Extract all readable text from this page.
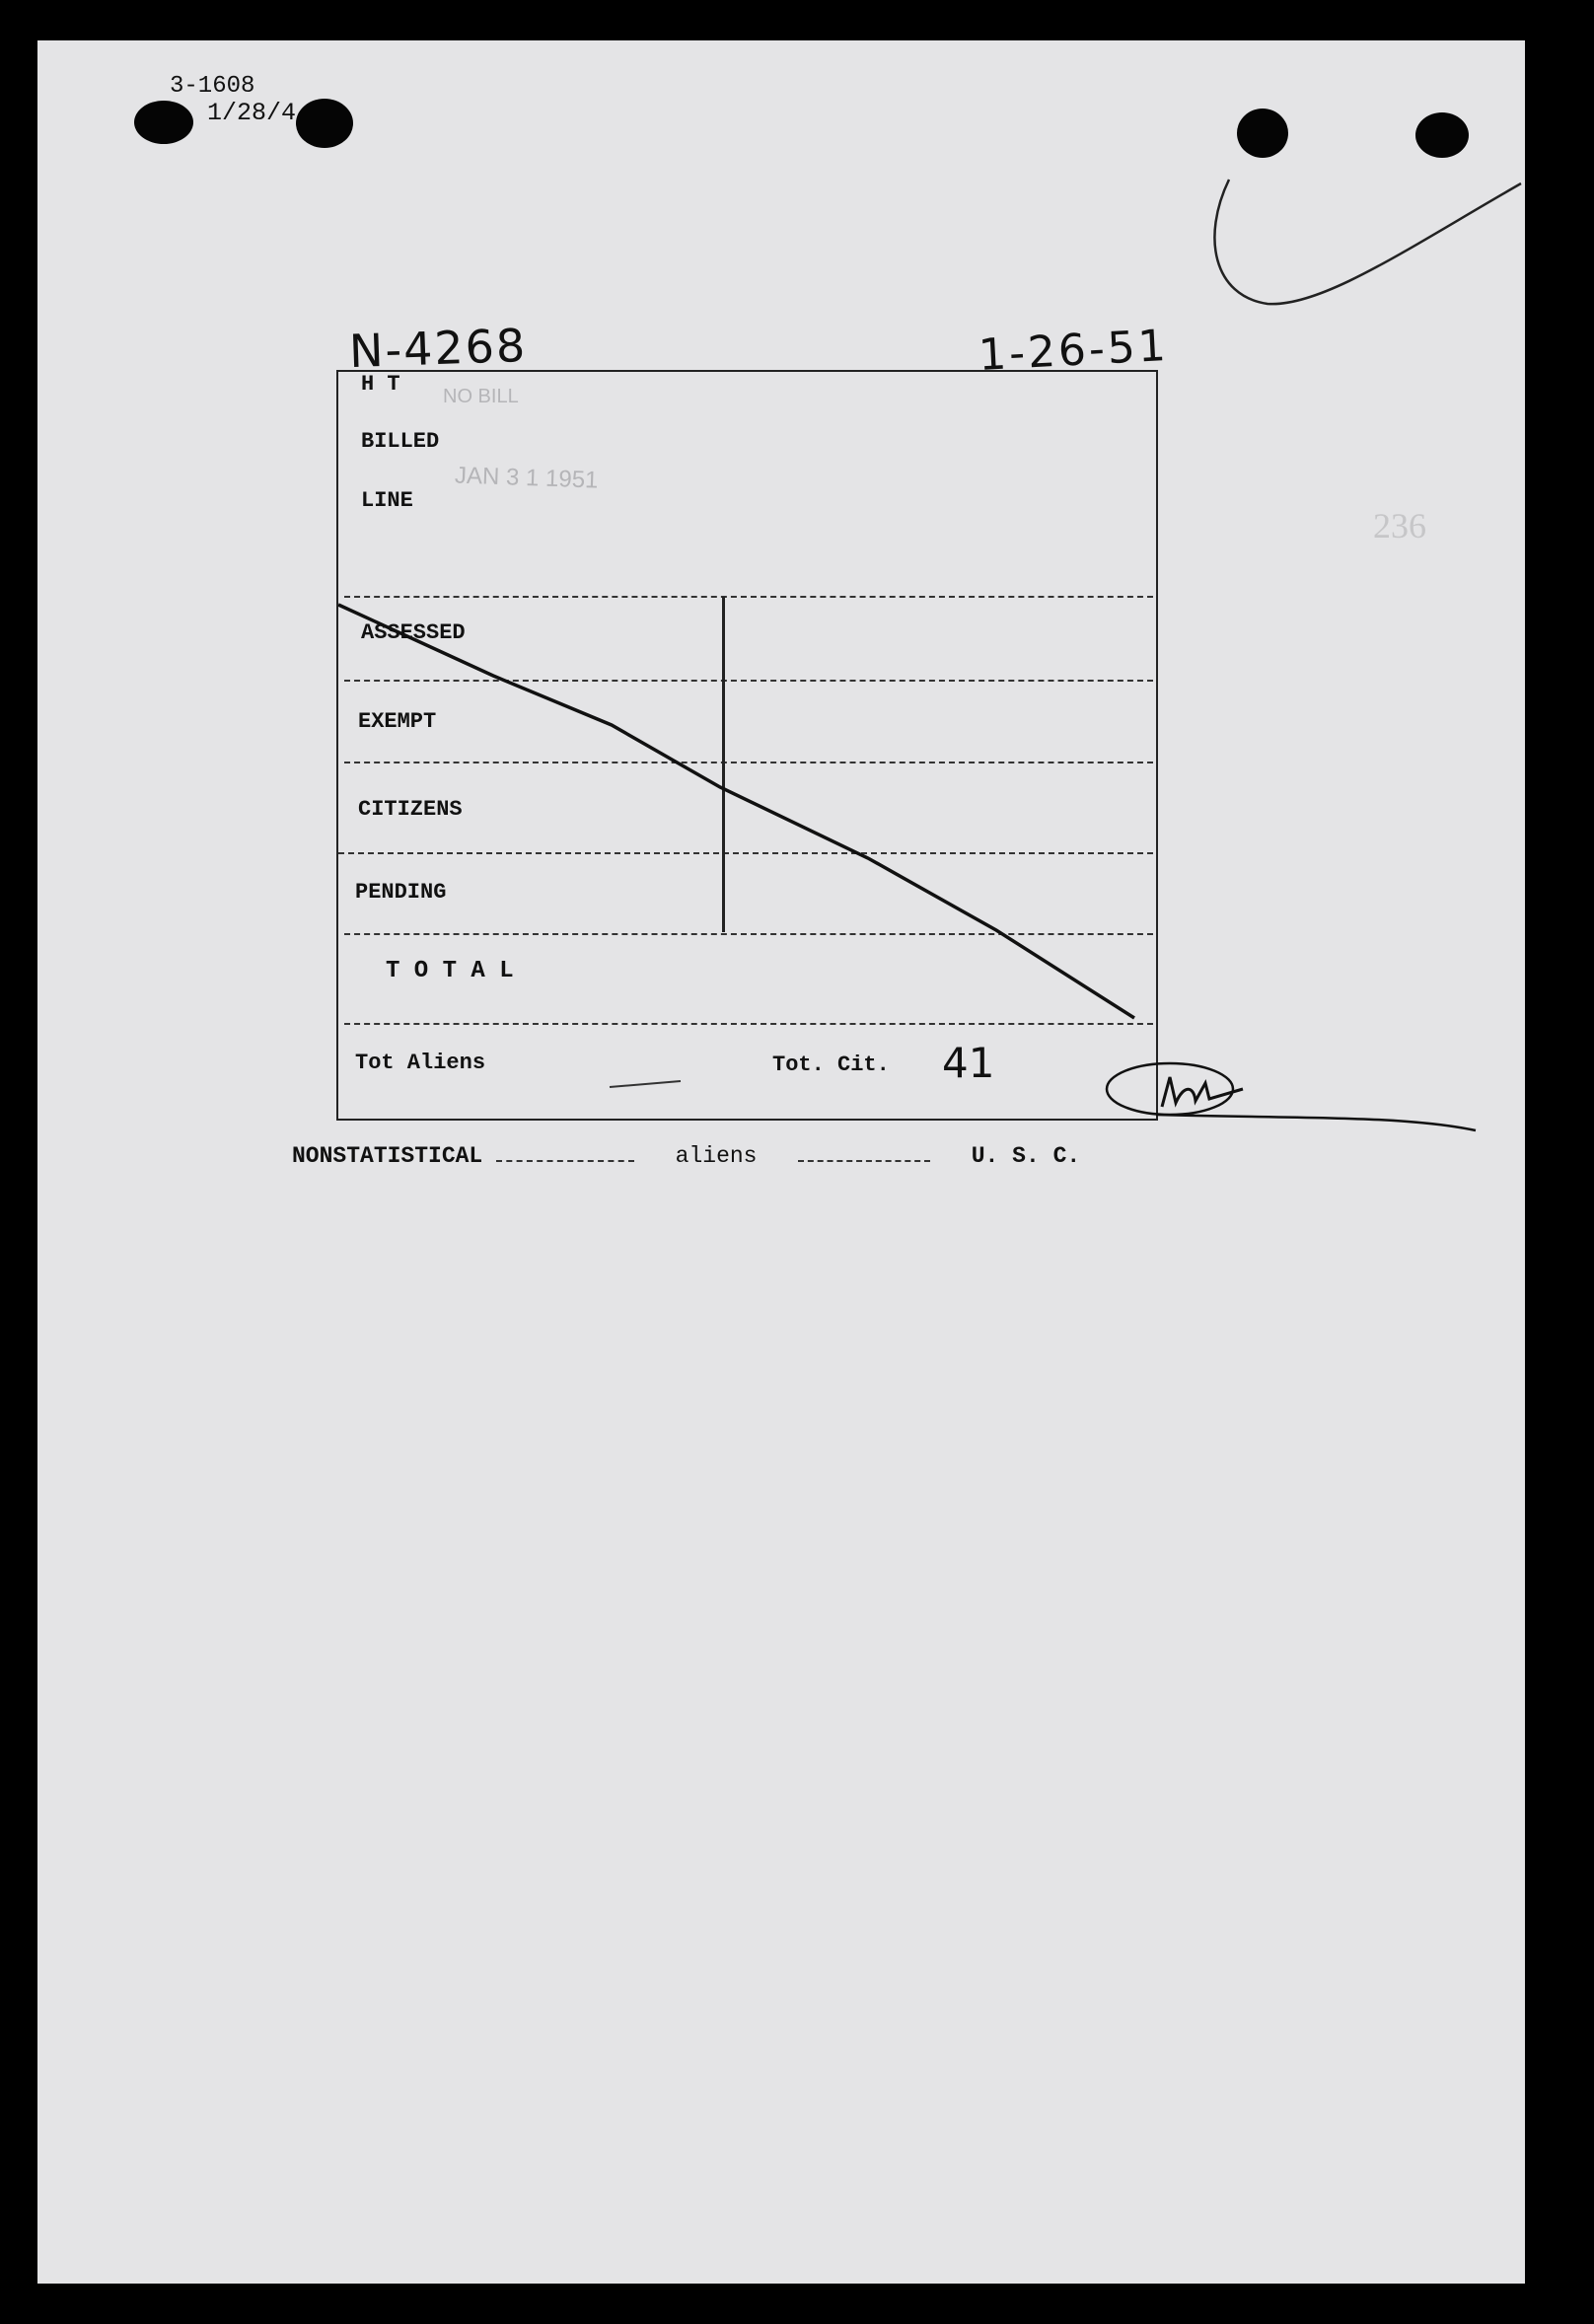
3-1608
1/28/4
236
N-4268	1-26-51
H T NO BILL
BILLED
JAN 3 1 1951
LINE
ASSESSED
EXEMPT
CITIZENS
PENDING
T O T A L
Tot Aliens	Tot. Cit. 41
NONSTATISTICAL	aliens	U. S. C.
